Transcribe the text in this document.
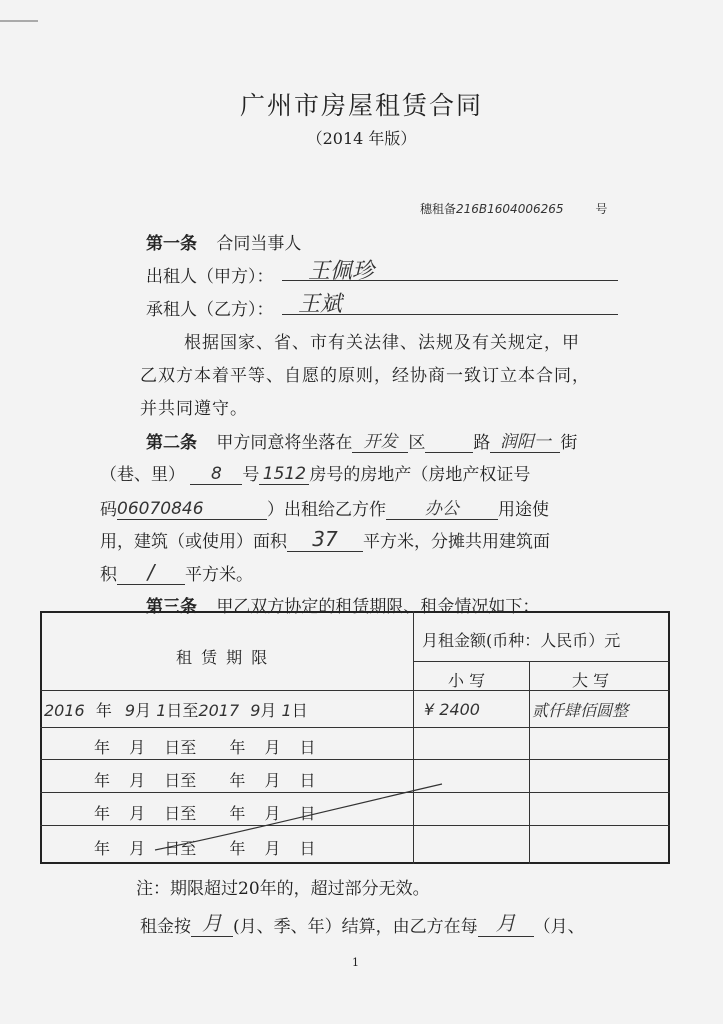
广州市房屋租赁合同
（2014 年版）
穗租备216B1604006265	号
第一条 合同当事人
出租人（甲方）： 王佩珍
承租人（乙方）： 王斌
根据国家、省、市有关法律、法规及有关规定，甲
乙双方本着平等、自愿的原则，经协商一致订立本合同，
并共同遵守。
第二条 甲方同意将坐落在 开发 区	路 润阳一 街
（巷、里） 8 号 1512 房号的房地产（房地产权证号
码06070846	）出租给乙方作 办公 用途使
用，建筑（或使用）面积 37 平方米，分摊共用建筑面
积 / 平方米。
第三条 甲乙双方协定的租赁期限、租金情况如下：
租 赁 期 限
月租金额(币种：人民币）元
小 写	大 写
2016 年 9月 1日至2017 9月 1日	¥ 2400	贰仟肆佰圆整
年 月 日至 年 月 日
年 月 日至 年 月 日
年 月 日至 年 月 日
年 月 日至 年 月 日
注：期限超过20年的，超过部分无效。
租金按 月 (月、季、年）结算，由乙方在每 月 （月、
1
